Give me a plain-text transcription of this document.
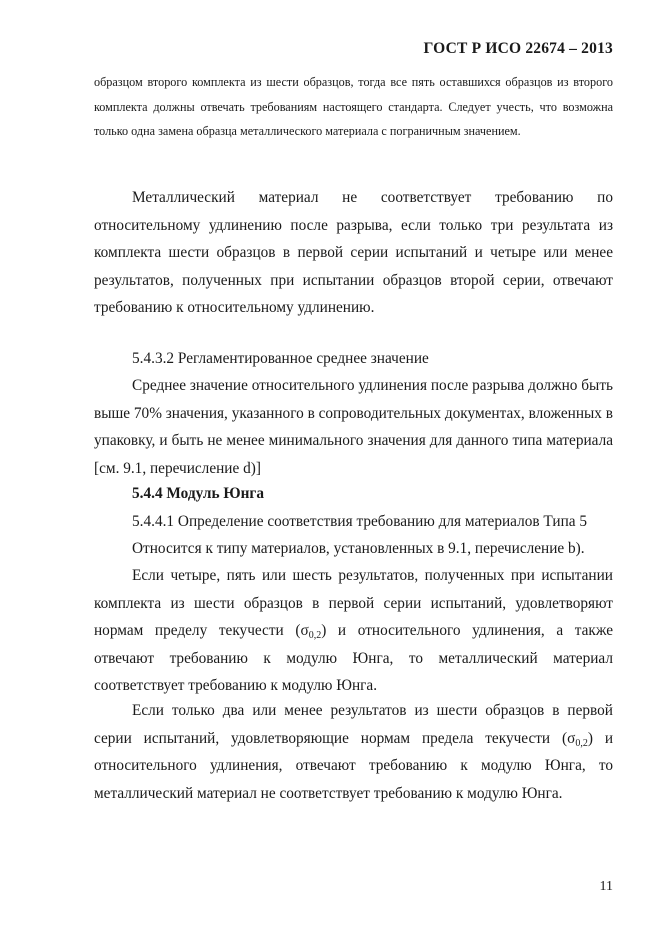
ГОСТ Р ИСО 22674 – 2013

образцом второго комплекта из шести образцов, тогда все пять оставшихся образцов из второго комплекта должны отвечать требованиям настоящего стандарта. Следует учесть, что возможна только одна замена образца металлического материала с пограничным значением.

Металлический материал не соответствует требованию по относительному удлинению после разрыва, если только три результата из комплекта шести образцов в первой серии испытаний и четыре или менее результатов, полученных при испытании образцов второй серии, отвечают требованию к относительному удлинению.

5.4.3.2 Регламентированное среднее значение

Среднее значение относительного удлинения после разрыва должно быть выше 70% значения, указанного в сопроводительных документах, вложенных в упаковку, и быть не менее минимального значения для данного типа материала [см. 9.1, перечисление d)]

5.4.4 Модуль Юнга

5.4.4.1 Определение соответствия требованию для материалов Типа 5

Относится к типу материалов, установленных в 9.1, перечисление b).

Если четыре, пять или шесть результатов, полученных при испытании комплекта из шести образцов в первой серии испытаний, удовлетворяют нормам пределу текучести $(\sigma_{0,2})$ и относительного удлинения, а также отвечают требованию к модулю Юнга, то металлический материал соответствует требованию к модулю Юнга.

Если только два или менее результатов из шести образцов в первой серии испытаний, удовлетворяющие нормам предела текучести $(\sigma_{0,2})$ и относительного удлинения, отвечают требованию к модулю Юнга, то металлический материал не соответствует требованию к модулю Юнга.

11
